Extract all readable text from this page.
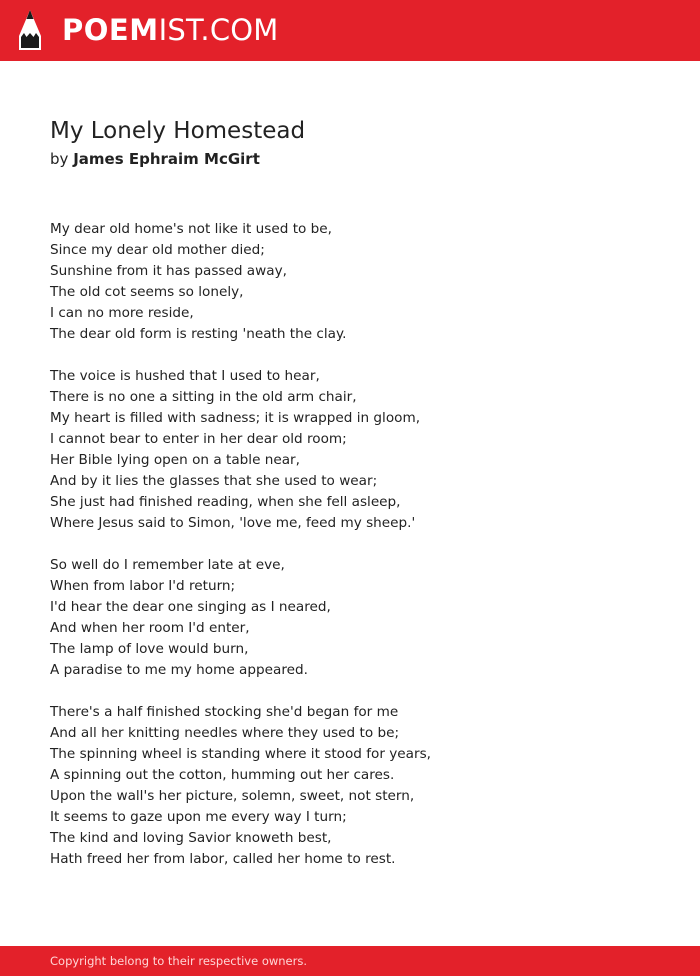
POEMIST.COM
My Lonely Homestead
by James Ephraim McGirt
My dear old home's not like it used to be,
Since my dear old mother died;
Sunshine from it has passed away,
The old cot seems so lonely,
I can no more reside,
The dear old form is resting 'neath the clay.
The voice is hushed that I used to hear,
There is no one a sitting in the old arm chair,
My heart is filled with sadness; it is wrapped in gloom,
I cannot bear to enter in her dear old room;
Her Bible lying open on a table near,
And by it lies the glasses that she used to wear;
She just had finished reading, when she fell asleep,
Where Jesus said to Simon, 'love me, feed my sheep.'
So well do I remember late at eve,
When from labor I'd return;
I'd hear the dear one singing as I neared,
And when her room I'd enter,
The lamp of love would burn,
A paradise to me my home appeared.
There's a half finished stocking she'd began for me
And all her knitting needles where they used to be;
The spinning wheel is standing where it stood for years,
A spinning out the cotton, humming out her cares.
Upon the wall's her picture, solemn, sweet, not stern,
It seems to gaze upon me every way I turn;
The kind and loving Savior knoweth best,
Hath freed her from labor, called her home to rest.
Copyright belong to their respective owners.
